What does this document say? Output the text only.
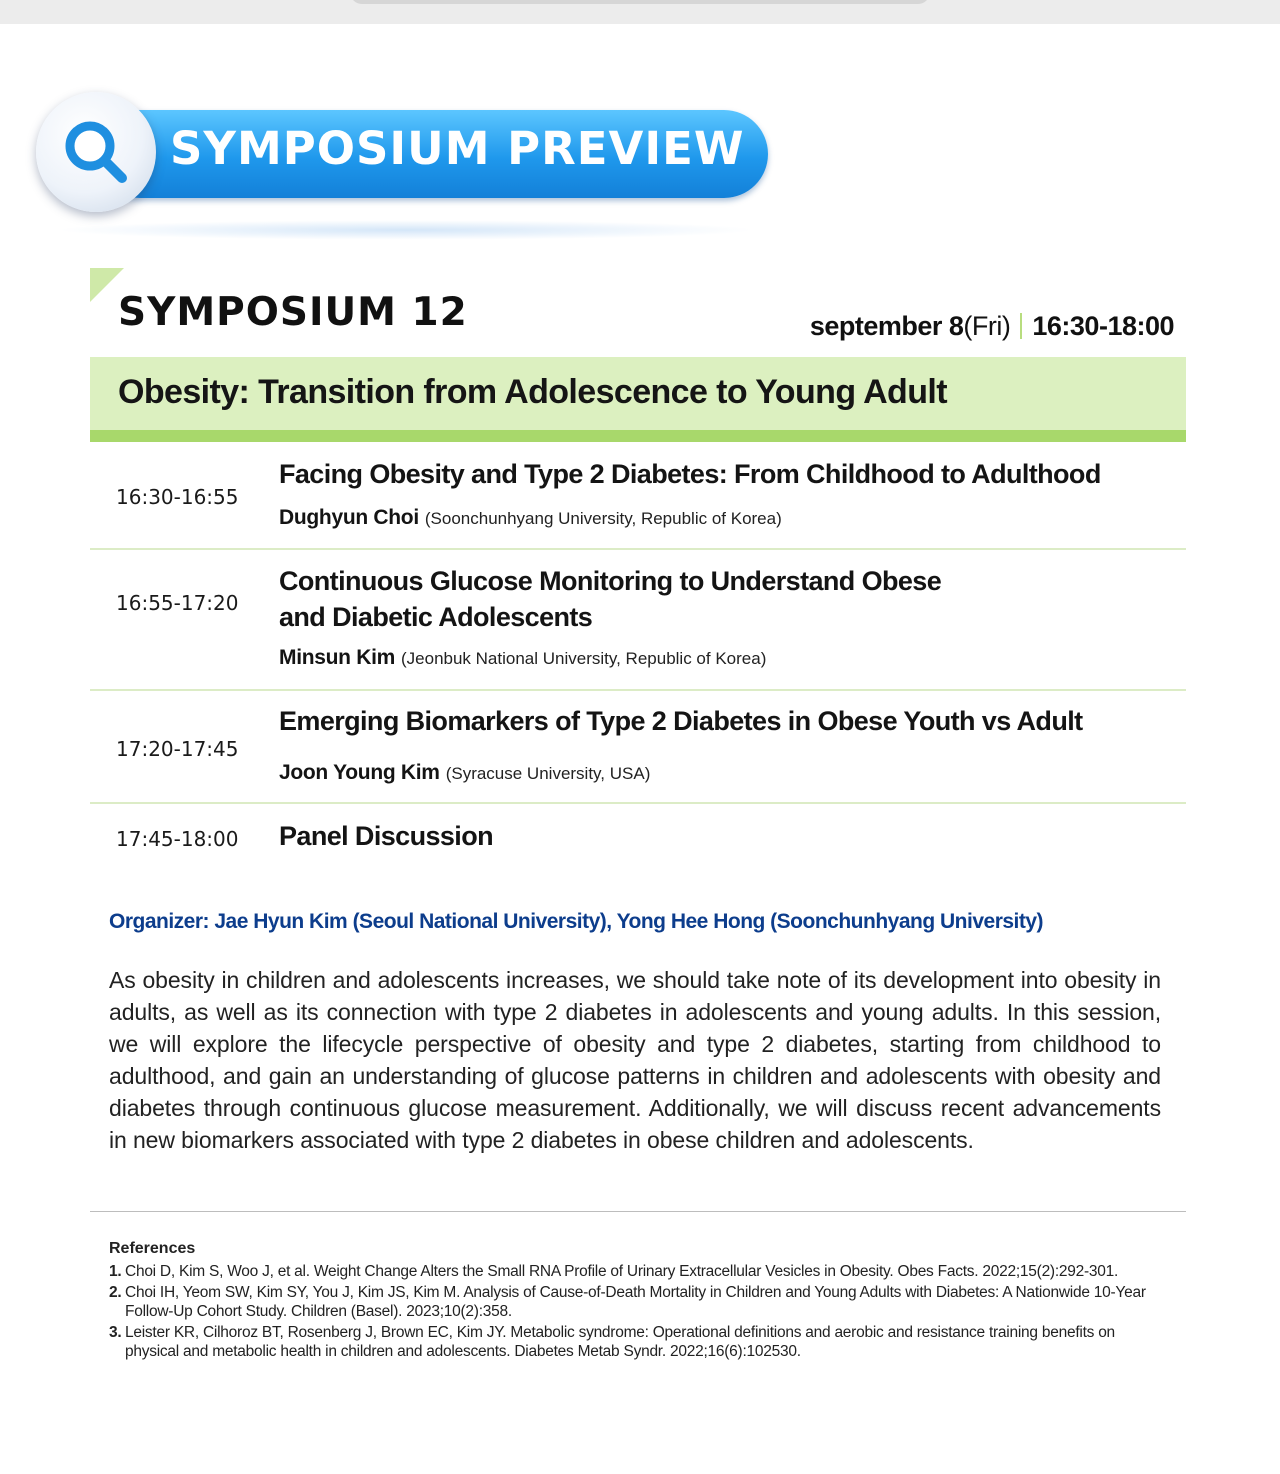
SYMPOSIUM PREVIEW
SYMPOSIUM 12	september 8(Fri) 16:30-18:00
Obesity: Transition from Adolescence to Young Adult
16:30-16:55
Facing Obesity and Type 2 Diabetes: From Childhood to Adulthood
Dughyun Choi (Soonchunhyang University, Republic of Korea)
16:55-17:20
Continuous Glucose Monitoring to Understand Obese
and Diabetic Adolescents
Minsun Kim (Jeonbuk National University, Republic of Korea)
17:20-17:45
Emerging Biomarkers of Type 2 Diabetes in Obese Youth vs Adult
Joon Young Kim (Syracuse University, USA)
17:45-18:00 Panel Discussion
Organizer: Jae Hyun Kim (Seoul National University), Yong Hee Hong (Soonchunhyang University)
As obesity in children and adolescents increases, we should take note of its development into obesity in adults, as well as its connection with type 2 diabetes in adolescents and young adults. In this session, we will explore the lifecycle perspective of obesity and type 2 diabetes, starting from childhood to adulthood, and gain an understanding of glucose patterns in children and adolescents with obesity and diabetes through continuous glucose measurement. Additionally, we will discuss recent advancements in new biomarkers associated with type 2 diabetes in obese children and adolescents.
References
1. Choi D, Kim S, Woo J, et al. Weight Change Alters the Small RNA Profile of Urinary Extracellular Vesicles in Obesity. Obes Facts. 2022;15(2):292-301.
2. Choi IH, Yeom SW, Kim SY, You J, Kim JS, Kim M. Analysis of Cause-of-Death Mortality in Children and Young Adults with Diabetes: A Nationwide 10-Year Follow-Up Cohort Study. Children (Basel). 2023;10(2):358.
3. Leister KR, Cilhoroz BT, Rosenberg J, Brown EC, Kim JY. Metabolic syndrome: Operational definitions and aerobic and resistance training benefits on physical and metabolic health in children and adolescents. Diabetes Metab Syndr. 2022;16(6):102530.
